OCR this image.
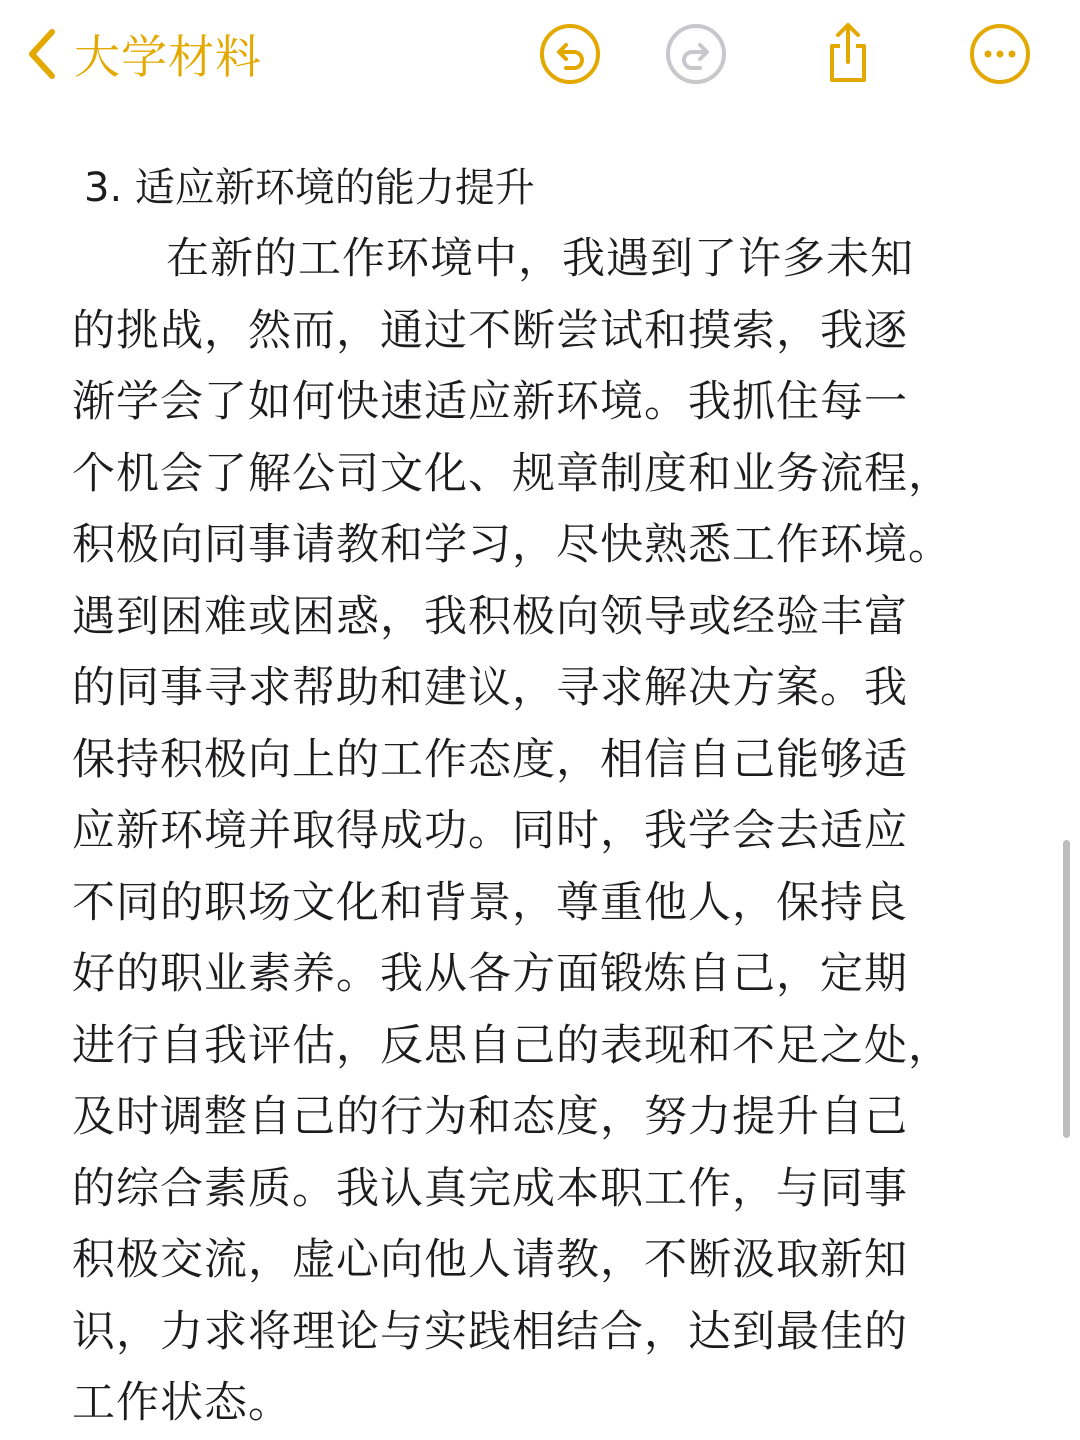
大学材料
3. 适应新环境的能力提升
在新的工作环境中，我遇到了许多未知
的挑战，然而，通过不断尝试和摸索，我逐
渐学会了如何快速适应新环境。我抓住每一
个机会了解公司文化、规章制度和业务流程，
积极向同事请教和学习，尽快熟悉工作环境。
遇到困难或困惑，我积极向领导或经验丰富
的同事寻求帮助和建议，寻求解决方案。我
保持积极向上的工作态度，相信自己能够适
应新环境并取得成功。同时，我学会去适应
不同的职场文化和背景，尊重他人，保持良
好的职业素养。我从各方面锻炼自己，定期
进行自我评估，反思自己的表现和不足之处，
及时调整自己的行为和态度，努力提升自己
的综合素质。我认真完成本职工作，与同事
积极交流，虚心向他人请教，不断汲取新知
识，力求将理论与实践相结合，达到最佳的
工作状态。
